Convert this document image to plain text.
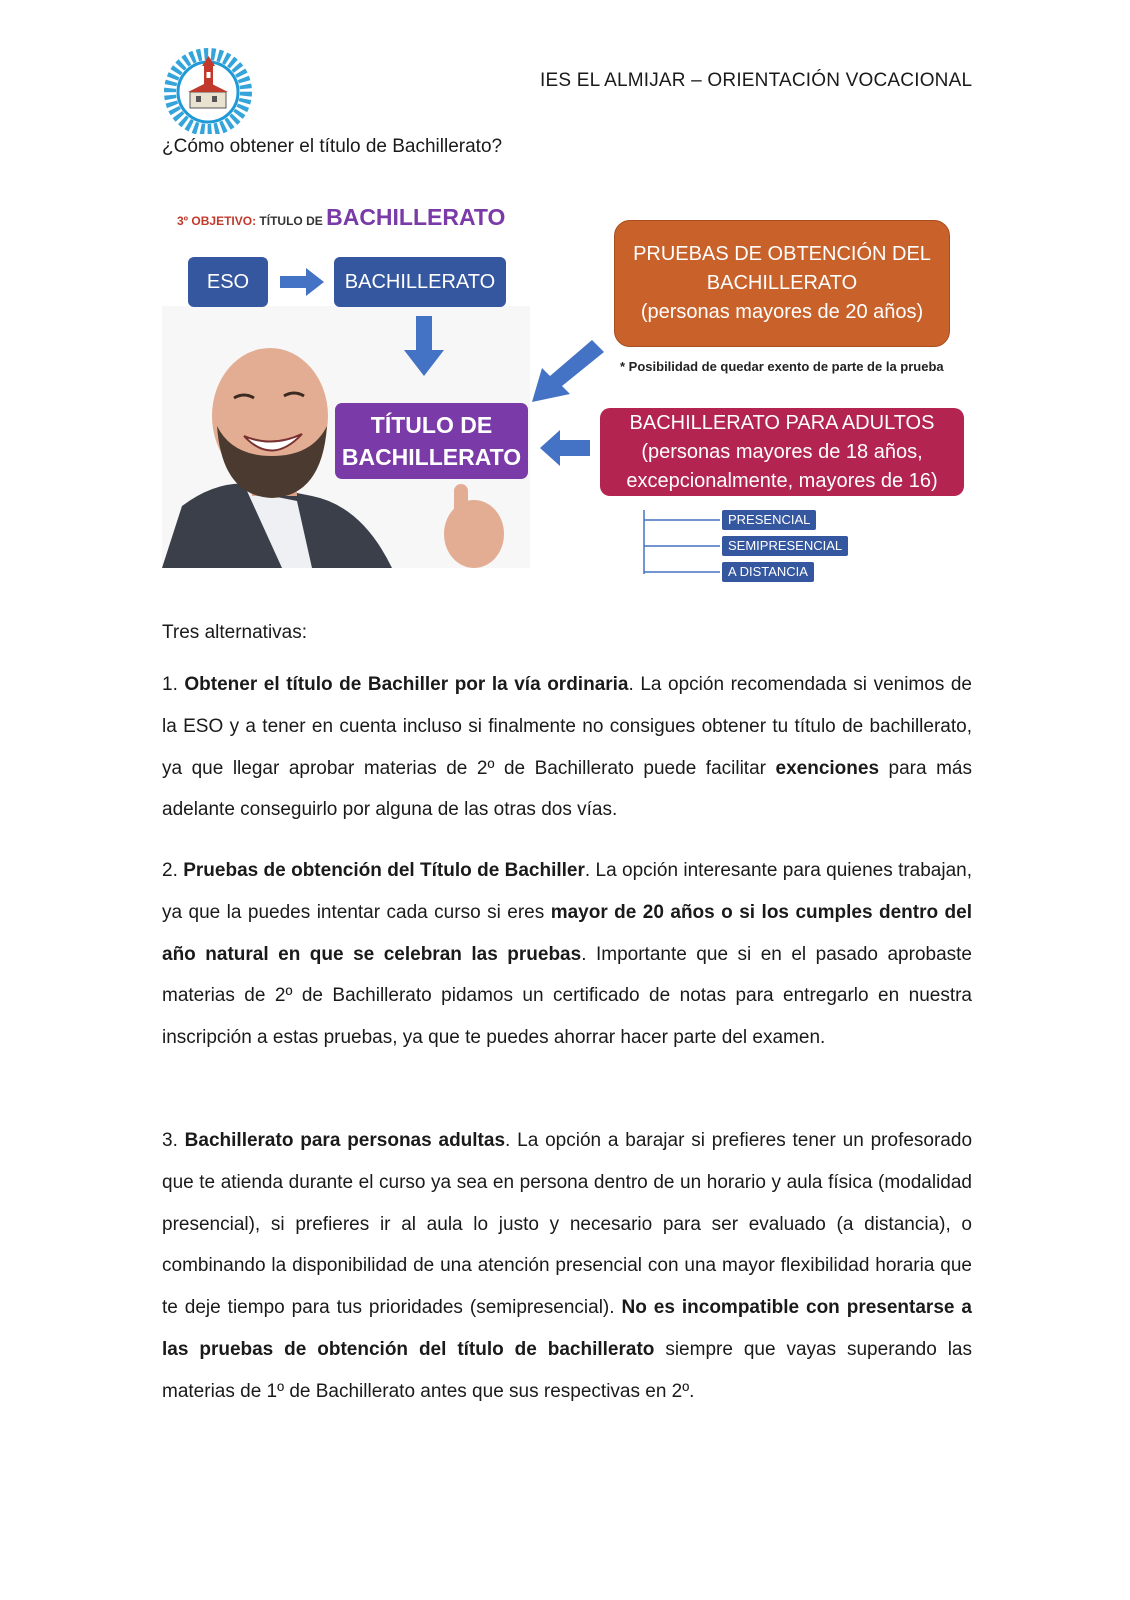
IES EL ALMIJAR – ORIENTACIÓN VOCACIONAL
¿Cómo obtener el título de Bachillerato?
3º OBJETIVO: TÍTULO DE BACHILLERATO
ESO	BACHILLERATO
TÍTULO DE
BACHILLERATO
PRUEBAS DE OBTENCIÓN DEL
BACHILLERATO
(personas mayores de 20 años)
* Posibilidad de quedar exento de parte de la prueba
BACHILLERATO PARA ADULTOS
(personas mayores de 18 años,
excepcionalmente, mayores de 16)
PRESENCIAL
SEMIPRESENCIAL
A DISTANCIA
Tres alternativas:
1. Obtener el título de Bachiller por la vía ordinaria. La opción recomendada si venimos de la ESO y a tener en cuenta incluso si finalmente no consigues obtener tu título de bachillerato, ya que llegar aprobar materias de 2º de Bachillerato puede facilitar exenciones para más adelante conseguirlo por alguna de las otras dos vías.
2. Pruebas de obtención del Título de Bachiller. La opción interesante para quienes trabajan, ya que la puedes intentar cada curso si eres mayor de 20 años o si los cumples dentro del año natural en que se celebran las pruebas. Importante que si en el pasado aprobaste materias de 2º de Bachillerato pidamos un certificado de notas para entregarlo en nuestra inscripción a estas pruebas, ya que te puedes ahorrar hacer parte del examen.
3. Bachillerato para personas adultas. La opción a barajar si prefieres tener un profesorado que te atienda durante el curso ya sea en persona dentro de un horario y aula física (modalidad presencial), si prefieres ir al aula lo justo y necesario para ser evaluado (a distancia), o combinando la disponibilidad de una atención presencial con una mayor flexibilidad horaria que te deje tiempo para tus prioridades (semipresencial). No es incompatible con presentarse a las pruebas de obtención del título de bachillerato siempre que vayas superando las materias de 1º de Bachillerato antes que sus respectivas en 2º.
